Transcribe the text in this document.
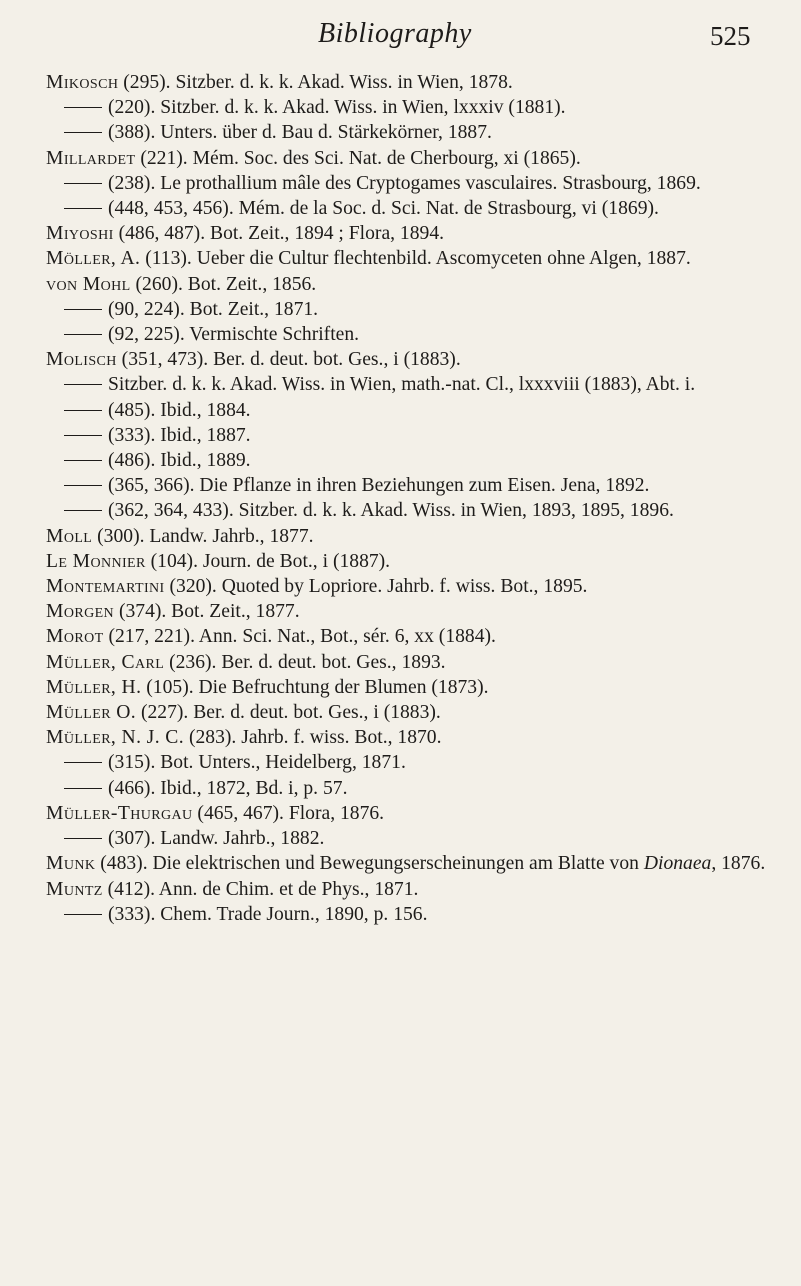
Bibliography	525

Mikosch (295). Sitzber. d. k. k. Akad. Wiss. in Wien, 1878.

(220). Sitzber. d. k. k. Akad. Wiss. in Wien, lxxxiv (1881).

(388). Unters. über d. Bau d. Stärkekörner, 1887.

Millardet (221). Mém. Soc. des Sci. Nat. de Cherbourg, xi (1865).

(238). Le prothallium mâle des Cryptogames vasculaires. Strasbourg, 1869.

(448, 453, 456). Mém. de la Soc. d. Sci. Nat. de Strasbourg, vi (1869).

Miyoshi (486, 487). Bot. Zeit., 1894 ; Flora, 1894.

Möller, A. (113). Ueber die Cultur flechtenbild. Ascomyceten ohne Algen, 1887.

von Mohl (260). Bot. Zeit., 1856.

(90, 224). Bot. Zeit., 1871.

(92, 225). Vermischte Schriften.

Molisch (351, 473). Ber. d. deut. bot. Ges., i (1883).

Sitzber. d. k. k. Akad. Wiss. in Wien, math.-nat. Cl., lxxxviii (1883), Abt. i.

(485). Ibid., 1884.

(333). Ibid., 1887.

(486). Ibid., 1889.

(365, 366). Die Pflanze in ihren Beziehungen zum Eisen. Jena, 1892.

(362, 364, 433). Sitzber. d. k. k. Akad. Wiss. in Wien, 1893, 1895, 1896.

Moll (300). Landw. Jahrb., 1877.

Le Monnier (104). Journ. de Bot., i (1887).

Montemartini (320). Quoted by Lopriore. Jahrb. f. wiss. Bot., 1895.

Morgen (374). Bot. Zeit., 1877.

Morot (217, 221). Ann. Sci. Nat., Bot., sér. 6, xx (1884).

Müller, Carl (236). Ber. d. deut. bot. Ges., 1893.

Müller, H. (105). Die Befruchtung der Blumen (1873).

Müller O. (227). Ber. d. deut. bot. Ges., i (1883).

Müller, N. J. C. (283). Jahrb. f. wiss. Bot., 1870.

(315). Bot. Unters., Heidelberg, 1871.

(466). Ibid., 1872, Bd. i, p. 57.

Müller-Thurgau (465, 467). Flora, 1876.

(307). Landw. Jahrb., 1882.

Munk (483). Die elektrischen und Bewegungserscheinungen am Blatte von Dionaea, 1876.

Muntz (412). Ann. de Chim. et de Phys., 1871.

(333). Chem. Trade Journ., 1890, p. 156.
